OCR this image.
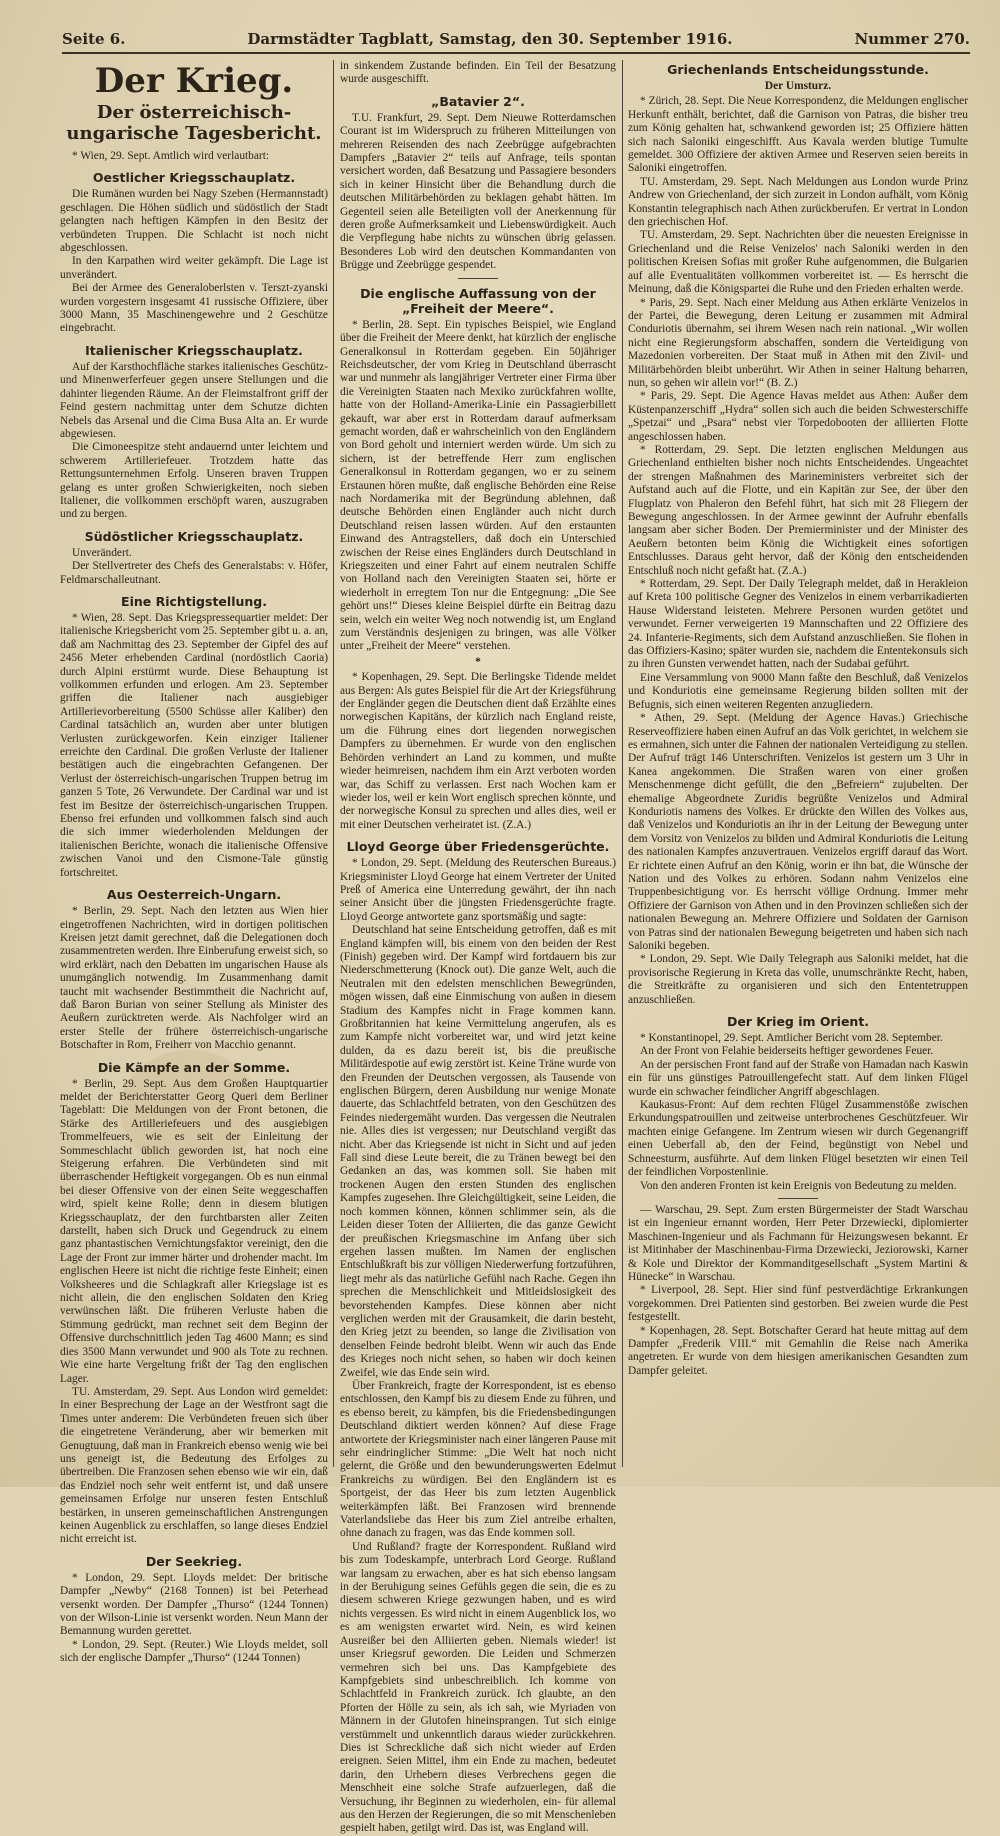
Seite 6.	Darmstädter Tagblatt, Samstag, den 30. September 1916.	Nummer 270.
Der Krieg.
Der österreichisch-ungarische Tagesbericht.

* Wien, 29. Sept. Amtlich wird verlautbart:

Oestlicher Kriegsschauplatz.

Die Rumänen wurden bei Nagy Szeben (Hermannstadt) geschlagen. Die Höhen südlich und südöstlich der Stadt gelangten nach heftigen Kämpfen in den Besitz der verbündeten Truppen. Die Schlacht ist noch nicht abgeschlossen.

In den Karpathen wird weiter gekämpft. Die Lage ist unverändert.

Bei der Armee des Generaloberlsten v. Terszt-zyanski wurden vorgestern insgesamt 41 russische Offiziere, über 3000 Mann, 35 Maschinengewehre und 2 Geschütze eingebracht.

Italienischer Kriegsschauplatz.

Auf der Karsthochfläche starkes italienisches Geschütz- und Minenwerferfeuer gegen unsere Stellungen und die dahinter liegenden Räume. An der Fleimstalfront griff der Feind gestern nachmittag unter dem Schutze dichten Nebels das Arsenal und die Cima Busa Alta an. Er wurde abgewiesen.

Die Cimoneespitze steht andauernd unter leichtem und schwerem Artilleriefeuer. Trotzdem hatte das Rettungsunternehmen Erfolg. Unseren braven Truppen gelang es unter großen Schwierigkeiten, noch sieben Italiener, die vollkommen erschöpft waren, auszugraben und zu bergen.

Südöstlicher Kriegsschauplatz.

Unverändert.

Der Stellvertreter des Chefs des Generalstabs: v. Höfer, Feldmarschalleutnant.

Eine Richtigstellung.

* Wien, 28. Sept. Das Kriegspressequartier meldet: Der italienische Kriegsbericht vom 25. September gibt u. a. an, daß am Nachmittag des 23. September der Gipfel des auf 2456 Meter erhebenden Cardinal (nordöstlich Caoria) durch Alpini erstürmt wurde. Diese Behauptung ist vollkommen erfunden und erlogen. Am 23. September griffen die Italiener nach ausgiebiger Artillerievorbereitung (5500 Schüsse aller Kaliber) den Cardinal tatsächlich an, wurden aber unter blutigen Verlusten zurückgeworfen. Kein einziger Italiener erreichte den Cardinal. Die großen Verluste der Italiener bestätigen auch die eingebrachten Gefangenen. Der Verlust der österreichisch-ungarischen Truppen betrug im ganzen 5 Tote, 26 Verwundete. Der Cardinal war und ist fest im Besitze der österreichisch-ungarischen Truppen. Ebenso frei erfunden und vollkommen falsch sind auch die sich immer wiederholenden Meldungen der italienischen Berichte, wonach die italienische Offensive zwischen Vanoi und den Cismone-Tale günstig fortschreitet.

Aus Oesterreich-Ungarn.

* Berlin, 29. Sept. Nach den letzten aus Wien hier eingetroffenen Nachrichten, wird in dortigen politischen Kreisen jetzt damit gerechnet, daß die Delegationen doch zusammentreten werden. Ihre Einberufung erweist sich, so wird erklärt, nach den Debatten im ungarischen Hause als unumgänglich notwendig. Im Zusammenhang damit taucht mit wachsender Bestimmtheit die Nachricht auf, daß Baron Burian von seiner Stellung als Minister des Aeußern zurücktreten werde. Als Nachfolger wird an erster Stelle der frühere österreichisch-ungarische Botschafter in Rom, Freiherr von Macchio genannt.

Die Kämpfe an der Somme.

* Berlin, 29. Sept. Aus dem Großen Hauptquartier meldet der Berichterstatter Georg Queri dem Berliner Tageblatt: Die Meldungen von der Front betonen, die Stärke des Artilleriefeuers und des ausgiebigen Trommelfeuers, wie es seit der Einleitung der Sommeschlacht üblich geworden ist, hat noch eine Steigerung erfahren. Die Verbündeten sind mit überraschender Heftigkeit vorgegangen. Ob es nun einmal bei dieser Offensive von der einen Seite weggeschaffen wird, spielt keine Rolle; denn in diesem blutigen Kriegsschauplatz, der den furchtbarsten aller Zeiten darstellt, haben sich Druck und Gegendruck zu einem ganz phantastischen Vernichtungsfaktor vereinigt, den die Lage der Front zur immer härter und drohender macht. Im englischen Heere ist nicht die richtige feste Einheit; einen Volksheeres und die Schlagkraft aller Kriegslage ist es nicht allein, die den englischen Soldaten den Krieg verwünschen läßt. Die früheren Verluste haben die Stimmung gedrückt, man rechnet seit dem Beginn der Offensive durchschnittlich jeden Tag 4600 Mann; es sind dies 3500 Mann verwundet und 900 als Tote zu rechnen. Wie eine harte Vergeltung frißt der Tag den englischen Lager.

TU. Amsterdam, 29. Sept. Aus London wird gemeldet: In einer Besprechung der Lage an der Westfront sagt die Times unter anderem: Die Verbündeten freuen sich über die eingetretene Veränderung, aber wir bemerken mit Genugtuung, daß man in Frankreich ebenso wenig wie bei uns geneigt ist, die Bedeutung des Erfolges zu übertreiben. Die Franzosen sehen ebenso wie wir ein, daß das Endziel noch sehr weit entfernt ist, und daß unsere gemeinsamen Erfolge nur unseren festen Entschluß bestärken, in unseren gemeinschaftlichen Anstrengungen keinen Augenblick zu erschlaffen, so lange dieses Endziel nicht erreicht ist.

Der Seekrieg.

* London, 29. Sept. Lloyds meldet: Der britische Dampfer „Newby“ (2168 Tonnen) ist bei Peterhead versenkt worden. Der Dampfer „Thurso“ (1244 Tonnen) von der Wilson-Linie ist versenkt worden. Neun Mann der Bemannung wurden gerettet.

* London, 29. Sept. (Reuter.) Wie Lloyds meldet, soll sich der englische Dampfer „Thurso“ (1244 Tonnen)

in sinkendem Zustande befinden. Ein Teil der Besatzung wurde ausgeschifft.

„Batavier 2“.

T.U. Frankfurt, 29. Sept. Dem Nieuwe Rotterdamschen Courant ist im Widerspruch zu früheren Mitteilungen von mehreren Reisenden des nach Zeebrügge aufgebrachten Dampfers „Batavier 2“ teils auf Anfrage, teils spontan versichert worden, daß Besatzung und Passagiere besonders sich in keiner Hinsicht über die Behandlung durch die deutschen Militärbehörden zu beklagen gehabt hätten. Im Gegenteil seien alle Beteiligten voll der Anerkennung für deren große Aufmerksamkeit und Liebenswürdigkeit. Auch die Verpflegung habe nichts zu wünschen übrig gelassen. Besonderes Lob wird den deutschen Kommandanten von Brügge und Zeebrügge gespendet.

Die englische Auffassung von der „Freiheit der Meere“.

* Berlin, 28. Sept. Ein typisches Beispiel, wie England über die Freiheit der Meere denkt, hat kürzlich der englische Generalkonsul in Rotterdam gegeben. Ein 50jähriger Reichsdeutscher, der vom Krieg in Deutschland überrascht war und nunmehr als langjähriger Vertreter einer Firma über die Vereinigten Staaten nach Mexiko zurückfahren wollte, hatte von der Holland-Amerika-Linie ein Passagierbillett gekauft, war aber erst in Rotterdam darauf aufmerksam gemacht worden, daß er wahrscheinlich von den Engländern von Bord geholt und interniert werden würde. Um sich zu sichern, ist der betreffende Herr zum englischen Generalkonsul in Rotterdam gegangen, wo er zu seinem Erstaunen hören mußte, daß englische Behörden eine Reise nach Nordamerika mit der Begründung ablehnen, daß deutsche Behörden einen Engländer auch nicht durch Deutschland reisen lassen würden. Auf den erstaunten Einwand des Antragstellers, daß doch ein Unterschied zwischen der Reise eines Engländers durch Deutschland in Kriegszeiten und einer Fahrt auf einem neutralen Schiffe von Holland nach den Vereinigten Staaten sei, hörte er wiederholt in erregtem Ton nur die Entgegnung: „Die See gehört uns!“ Dieses kleine Beispiel dürfte ein Beitrag dazu sein, welch ein weiter Weg noch notwendig ist, um England zum Verständnis desjenigen zu bringen, was alle Völker unter „Freiheit der Meere“ verstehen.

*

* Kopenhagen, 29. Sept. Die Berlingske Tidende meldet aus Bergen: Als gutes Beispiel für die Art der Kriegsführung der Engländer gegen die Deutschen dient daß Erzählte eines norwegischen Kapitäns, der kürzlich nach England reiste, um die Führung eines dort liegenden norwegischen Dampfers zu übernehmen. Er wurde von den englischen Behörden verhindert an Land zu kommen, und mußte wieder heimreisen, nachdem ihm ein Arzt verboten worden war, das Schiff zu verlassen. Erst nach Wochen kam er wieder los, weil er kein Wort englisch sprechen könnte, und der norwegische Konsul zu sprechen und alles dies, weil er mit einer Deutschen verheiratet ist. (Z.A.)

Lloyd George über Friedensgerüchte.

* London, 29. Sept. (Meldung des Reuterschen Bureaus.) Kriegsminister Lloyd George hat einem Vertreter der United Preß of America eine Unterredung gewährt, der ihn nach seiner Ansicht über die jüngsten Friedensgerüchte fragte. Lloyd George antwortete ganz sportsmäßig und sagte:

Deutschland hat seine Entscheidung getroffen, daß es mit England kämpfen will, bis einem von den beiden der Rest (Finish) gegeben wird. Der Kampf wird fortdauern bis zur Niederschmetterung (Knock out). Die ganze Welt, auch die Neutralen mit den edelsten menschlichen Bewegründen, mögen wissen, daß eine Einmischung von außen in diesem Stadium des Kampfes nicht in Frage kommen kann. Großbritannien hat keine Vermittelung angerufen, als es zum Kampfe nicht vorbereitet war, und wird jetzt keine dulden, da es dazu bereit ist, bis die preußische Militärdespotie auf ewig zerstört ist. Keine Träne wurde von den Freunden der Deutschen vergossen, als Tausende von englischen Bürgern, deren Ausbildung nur wenige Monate dauerte, das Schlachtfeld betraten, von den Geschützen des Feindes niedergemäht wurden. Das vergessen die Neutralen nie. Alles dies ist vergessen; nur Deutschland vergißt das nicht. Aber das Kriegsende ist nicht in Sicht und auf jeden Fall sind diese Leute bereit, die zu Tränen bewegt bei den Gedanken an das, was kommen soll. Sie haben mit trockenen Augen den ersten Stunden des englischen Kampfes zugesehen. Ihre Gleichgültigkeit, seine Leiden, die noch kommen können, können schlimmer sein, als die Leiden dieser Toten der Alliierten, die das ganze Gewicht der preußischen Kriegsmaschine im Anfang über sich ergehen lassen mußten. Im Namen der englischen Entschlußkraft bis zur völligen Niederwerfung fortzuführen, liegt mehr als das natürliche Gefühl nach Rache. Gegen ihn sprechen die Menschlichkeit und Mitleidslosigkeit des bevorstehenden Kampfes. Diese können aber nicht verglichen werden mit der Grausamkeit, die darin besteht, den Krieg jetzt zu beenden, so lange die Zivilisation von denselben Feinde bedroht bleibt. Wenn wir auch das Ende des Krieges noch nicht sehen, so haben wir doch keinen Zweifel, wie das Ende sein wird.

Über Frankreich, fragte der Korrespondent, ist es ebenso entschlossen, den Kampf bis zu diesem Ende zu führen, und es ebenso bereit, zu kämpfen, bis die Friedensbedingungen Deutschland diktiert werden können? Auf diese Frage antwortete der Kriegsminister nach einer längeren Pause mit sehr eindringlicher Stimme: „Die Welt hat noch nicht gelernt, die Größe und den bewunderungswerten Edelmut Frankreichs zu würdigen. Bei den Engländern ist es Sportgeist, der das Heer bis zum letzten Augenblick weiterkämpfen läßt. Bei Franzosen wird brennende Vaterlandsliebe das Heer bis zum Ziel antreibe erhalten, ohne danach zu fragen, was das Ende kommen soll.

Und Rußland? fragte der Korrespondent. Rußland wird bis zum Todeskampfe, unterbrach Lord George. Rußland war langsam zu erwachen, aber es hat sich ebenso langsam in der Beruhigung seines Gefühls gegen die sein, die es zu diesem schweren Kriege gezwungen haben, und es wird nichts vergessen. Es wird nicht in einem Augenblick los, wo es am wenigsten erwartet wird. Nein, es wird keinen Ausreißer bei den Alliierten geben. Niemals wieder! ist unser Kriegsruf geworden. Die Leiden und Schmerzen vermehren sich bei uns. Das Kampfgebiete des Kampfgebiets sind unbeschreiblich. Ich komme von Schlachtfeld in Frankreich zurück. Ich glaubte, an den Pforten der Hölle zu sein, als ich sah, wie Myriaden von Männern in der Glutofen hineinsprangen. Tut sich einige verstümmelt und unkenntlich daraus wieder zurückkehren. Dies ist Schreckliche daß sich nicht wieder auf Erden ereignen. Seien Mittel, ihm ein Ende zu machen, bedeutet darin, den Urhebern dieses Verbrechens gegen die Menschheit eine solche Strafe aufzuerlegen, daß die Versuchung, ihr Beginnen zu wiederholen, ein- für allemal aus den Herzen der Regierungen, die so mit Menschenleben gespielt haben, getilgt wird. Das ist, was England will.

Griechenlands Entscheidungsstunde.
Der Umsturz.

* Zürich, 28. Sept. Die Neue Korrespondenz, die Meldungen englischer Herkunft enthält, berichtet, daß die Garnison von Patras, die bisher treu zum König gehalten hat, schwankend geworden ist; 25 Offiziere hätten sich nach Saloniki eingeschifft. Aus Kavala werden blutige Tumulte gemeldet. 300 Offiziere der aktiven Armee und Reserven seien bereits in Saloniki eingetroffen.

TU. Amsterdam, 29. Sept. Nach Meldungen aus London wurde Prinz Andrew von Griechenland, der sich zurzeit in London aufhält, vom König Konstantin telegraphisch nach Athen zurückberufen. Er vertrat in London den griechischen Hof.

TU. Amsterdam, 29. Sept. Nachrichten über die neuesten Ereignisse in Griechenland und die Reise Venizelos' nach Saloniki werden in den politischen Kreisen Sofias mit großer Ruhe aufgenommen, die Bulgarien auf alle Eventualitäten vollkommen vorbereitet ist. — Es herrscht die Meinung, daß die Königspartei die Ruhe und den Frieden erhalten werde.

* Paris, 29. Sept. Nach einer Meldung aus Athen erklärte Venizelos in der Partei, die Bewegung, deren Leitung er zusammen mit Admiral Conduriotis übernahm, sei ihrem Wesen nach rein national. „Wir wollen nicht eine Regierungsform abschaffen, sondern die Verteidigung von Mazedonien vorbereiten. Der Staat muß in Athen mit den Zivil- und Militärbehörden bleibt unberührt. Wir Athen in seiner Haltung beharren, nun, so gehen wir allein vor!“ (B. Z.)

* Paris, 29. Sept. Die Agence Havas meldet aus Athen: Außer dem Küstenpanzerschiff „Hydra“ sollen sich auch die beiden Schwesterschiffe „Spetzai“ und „Psara“ nebst vier Torpedobooten der alliierten Flotte angeschlossen haben.

* Rotterdam, 29. Sept. Die letzten englischen Meldungen aus Griechenland enthielten bisher noch nichts Entscheidendes. Ungeachtet der strengen Maßnahmen des Marineministers verbreitet sich der Aufstand auch auf die Flotte, und ein Kapitän zur See, der über den Flugplatz von Phaleron den Befehl führt, hat sich mit 28 Fliegern der Bewegung angeschlossen. In der Armee gewinnt der Aufruhr ebenfalls langsam aber sicher Boden. Der Premierminister und der Minister des Aeußern betonten beim König die Wichtigkeit eines sofortigen Entschlusses. Daraus geht hervor, daß der König den entscheidenden Entschluß noch nicht gefaßt hat. (Z.A.)

* Rotterdam, 29. Sept. Der Daily Telegraph meldet, daß in Herakleion auf Kreta 100 politische Gegner des Venizelos in einem verbarrikadierten Hause Widerstand leisteten. Mehrere Personen wurden getötet und verwundet. Ferner verweigerten 19 Mannschaften und 22 Offiziere des 24. Infanterie-Regiments, sich dem Aufstand anzuschließen. Sie flohen in das Offiziers-Kasino; später wurden sie, nachdem die Ententekonsuls sich zu ihren Gunsten verwendet hatten, nach der Sudabai geführt.

Eine Versammlung von 9000 Mann faßte den Beschluß, daß Venizelos und Konduriotis eine gemeinsame Regierung bilden sollten mit der Befugnis, sich einen weiteren Regenten anzugliedern.

* Athen, 29. Sept. (Meldung der Agence Havas.) Griechische Reserveoffiziere haben einen Aufruf an das Volk gerichtet, in welchem sie es ermahnen, sich unter die Fahnen der nationalen Verteidigung zu stellen. Der Aufruf trägt 146 Unterschriften. Venizelos ist gestern um 3 Uhr in Kanea angekommen. Die Straßen waren von einer großen Menschenmenge dicht gefüllt, die den „Befreiern“ zujubelten. Der ehemalige Abgeordnete Zuridis begrüßte Venizelos und Admiral Konduriotis namens des Volkes. Er drückte den Willen des Volkes aus, daß Venizelos und Konduriotis an ihr in der Leitung der Bewegung unter dem Vorsitz von Venizelos zu bilden und Admiral Konduriotis die Leitung des nationalen Kampfes anzuvertrauen. Venizelos ergriff darauf das Wort. Er richtete einen Aufruf an den König, worin er ihn bat, die Wünsche der Nation und des Volkes zu erhören. Sodann nahm Venizelos eine Truppenbesichtigung vor. Es herrscht völlige Ordnung. Immer mehr Offiziere der Garnison von Athen und in den Provinzen schließen sich der nationalen Bewegung an. Mehrere Offiziere und Soldaten der Garnison von Patras sind der nationalen Bewegung beigetreten und haben sich nach Saloniki begeben.

* London, 29. Sept. Wie Daily Telegraph aus Saloniki meldet, hat die provisorische Regierung in Kreta das volle, unumschränkte Recht, haben, die Streitkräfte zu organisieren und sich den Ententetruppen anzuschließen.

Der Krieg im Orient.

* Konstantinopel, 29. Sept. Amtlicher Bericht vom 28. September.

An der Front von Felahie beiderseits heftiger gewordenes Feuer.

An der persischen Front fand auf der Straße von Hamadan nach Kaswin ein für uns günstiges Patrouillengefecht statt. Auf dem linken Flügel wurde ein schwacher feindlicher Angriff abgeschlagen.

Kaukasus-Front: Auf dem rechten Flügel Zusammenstöße zwischen Erkundungspatrouillen und zeitweise unterbrochenes Geschützfeuer. Wir machten einige Gefangene. Im Zentrum wiesen wir durch Gegenangriff einen Ueberfall ab, den der Feind, begünstigt von Nebel und Schneesturm, ausführte. Auf dem linken Flügel besetzten wir einen Teil der feindlichen Vorpostenlinie.

Von den anderen Fronten ist kein Ereignis von Bedeutung zu melden.

— Warschau, 29. Sept. Zum ersten Bürgermeister der Stadt Warschau ist ein Ingenieur ernannt worden, Herr Peter Drzewiecki, diplomierter Maschinen-Ingenieur und als Fachmann für Heizungswesen bekannt. Er ist Mitinhaber der Maschinenbau-Firma Drzewiecki, Jeziorowski, Karner & Kole und Direktor der Kommanditgesellschaft „System Martini & Hünecke“ in Warschau.

* Liverpool, 28. Sept. Hier sind fünf pestverdächtige Erkrankungen vorgekommen. Drei Patienten sind gestorben. Bei zweien wurde die Pest festgestellt.

* Kopenhagen, 28. Sept. Botschafter Gerard hat heute mittag auf dem Dampfer „Frederik VIII.“ mit Gemahlin die Reise nach Amerika angetreten. Er wurde von dem hiesigen amerikanischen Gesandten zum Dampfer geleitet.
